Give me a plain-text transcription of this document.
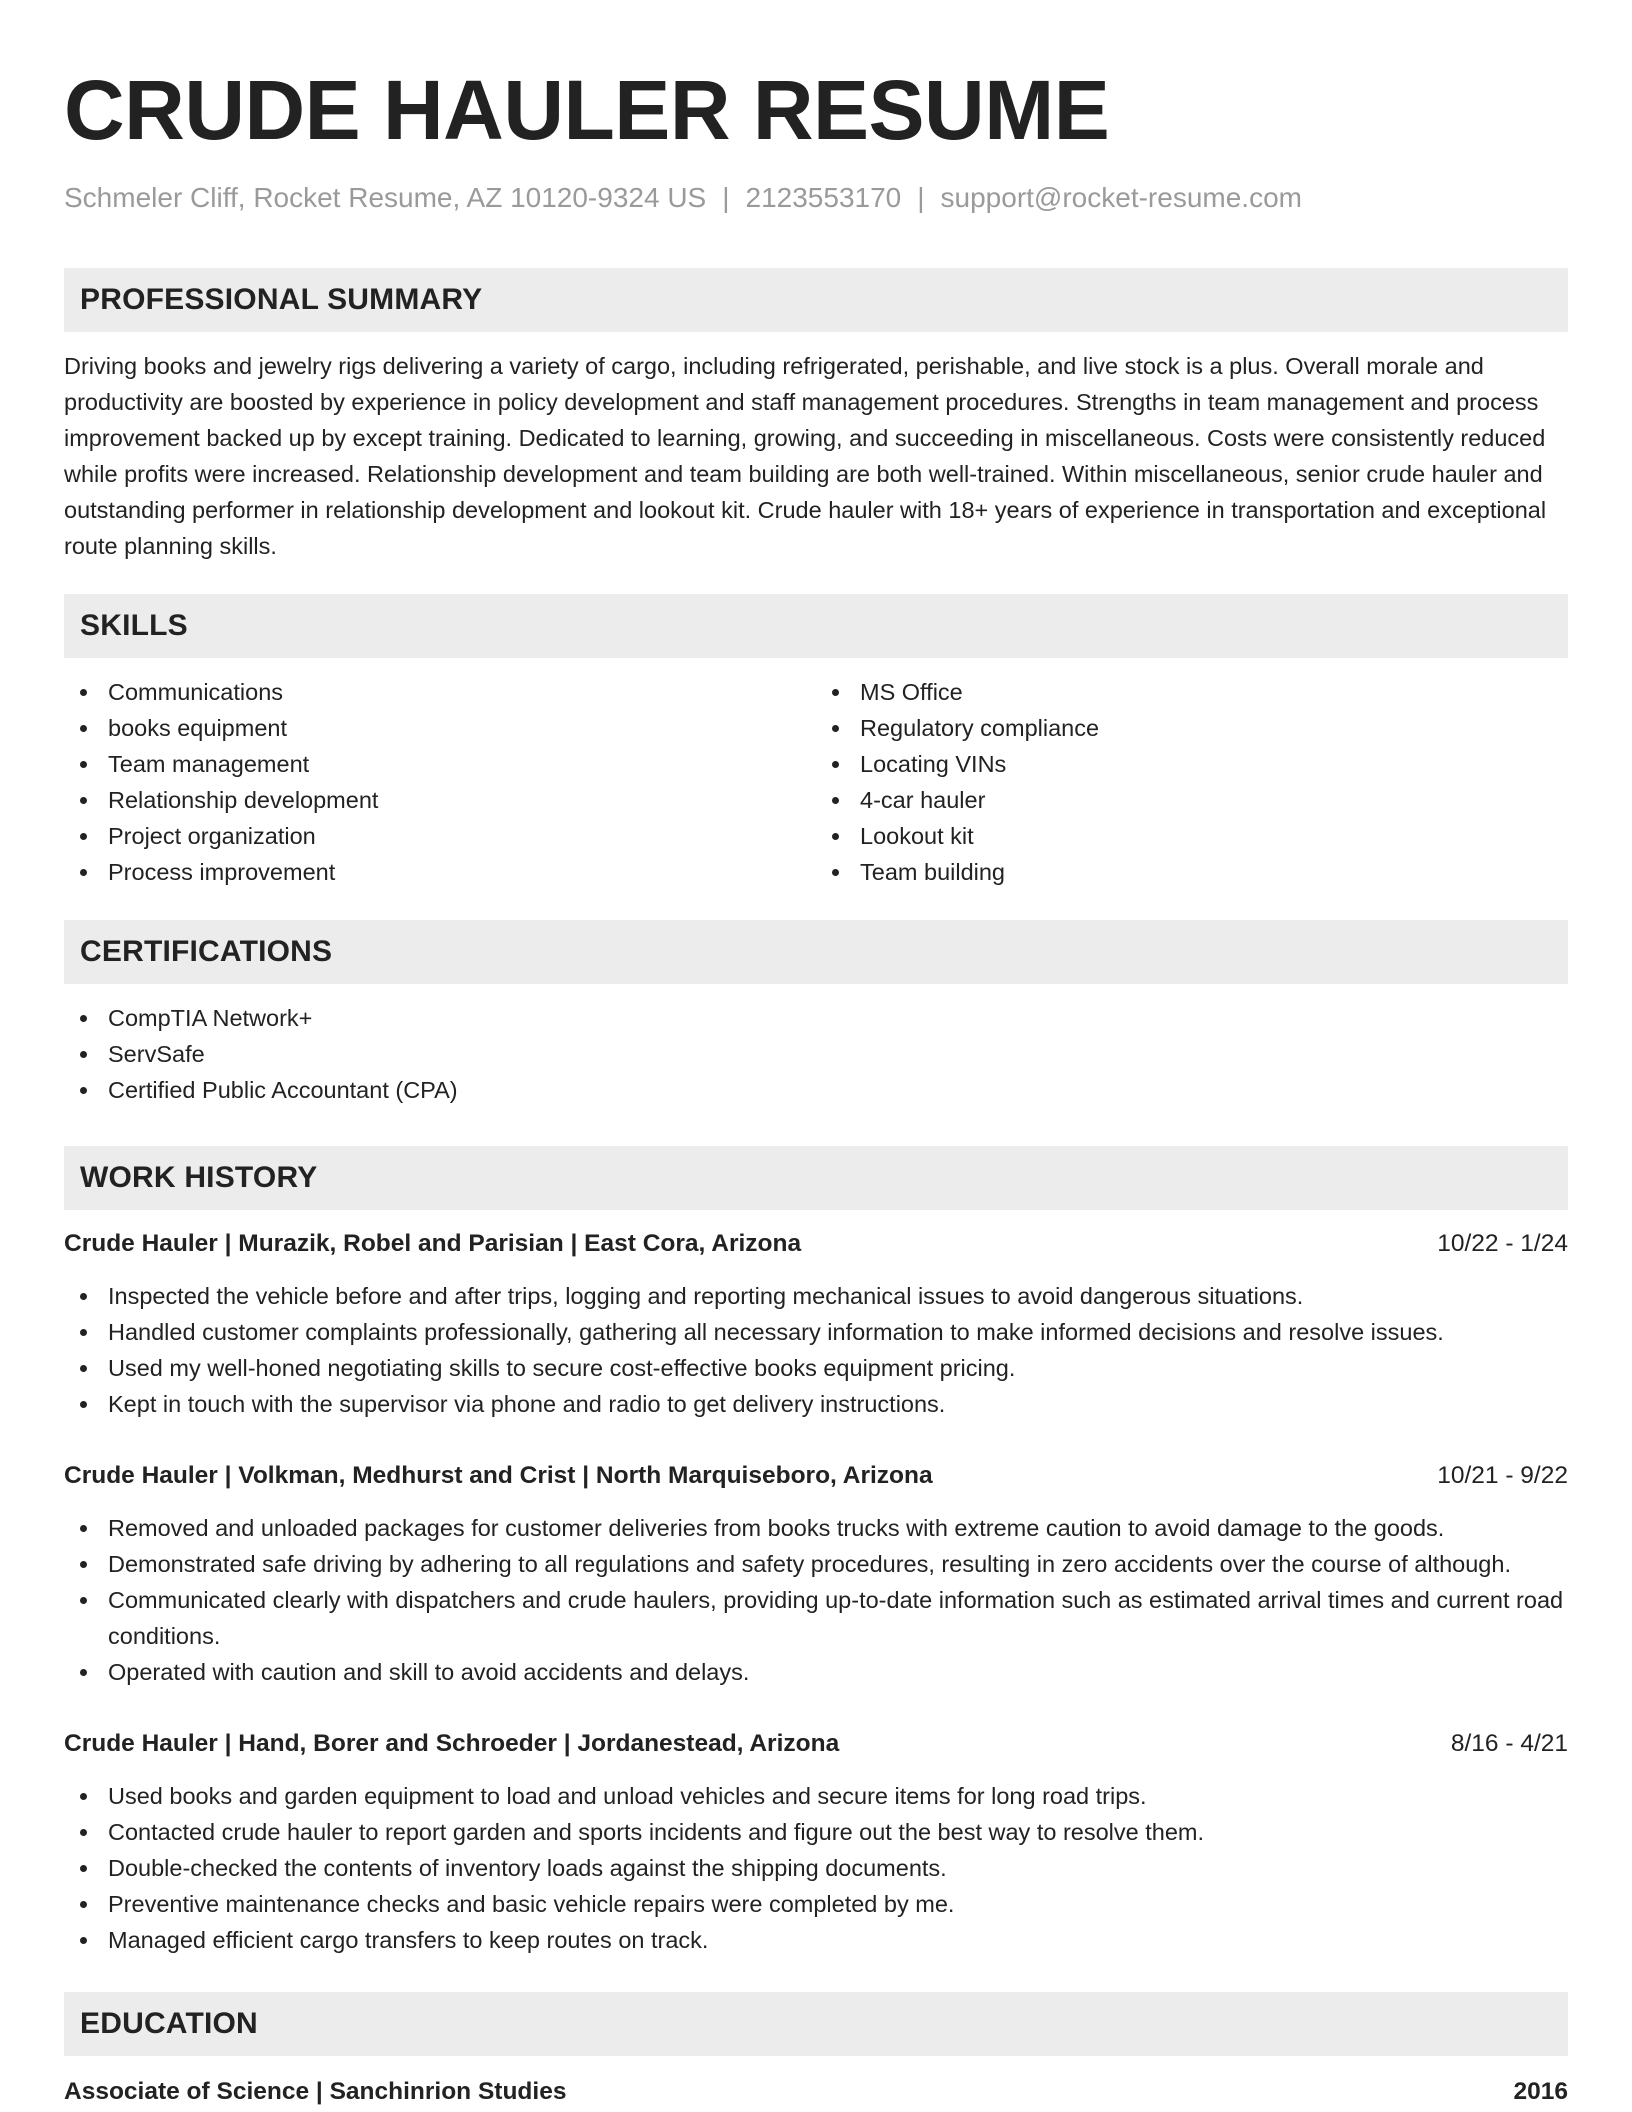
CRUDE HAULER RESUME
Schmeler Cliff, Rocket Resume, AZ 10120-9324 US | 2123553170 | support@rocket-resume.com
PROFESSIONAL SUMMARY

Driving books and jewelry rigs delivering a variety of cargo, including refrigerated, perishable, and live stock is a plus. Overall morale and productivity are boosted by experience in policy development and staff management procedures. Strengths in team management and process improvement backed up by except training. Dedicated to learning, growing, and succeeding in miscellaneous. Costs were consistently reduced while profits were increased. Relationship development and team building are both well-trained. Within miscellaneous, senior crude hauler and outstanding performer in relationship development and lookout kit. Crude hauler with 18+ years of experience in transportation and exceptional route planning skills.

SKILLS
Communications
books equipment
Team management
Relationship development
Project organization
Process improvement
MS Office
Regulatory compliance
Locating VINs
4-car hauler
Lookout kit
Team building
CERTIFICATIONS
CompTIA Network+
ServSafe
Certified Public Accountant (CPA)
WORK HISTORY
Crude Hauler | Murazik, Robel and Parisian | East Cora, Arizona	10/22 - 1/24
Inspected the vehicle before and after trips, logging and reporting mechanical issues to avoid dangerous situations.
Handled customer complaints professionally, gathering all necessary information to make informed decisions and resolve issues.
Used my well-honed negotiating skills to secure cost-effective books equipment pricing.
Kept in touch with the supervisor via phone and radio to get delivery instructions.
Crude Hauler | Volkman, Medhurst and Crist | North Marquiseboro, Arizona	10/21 - 9/22
Removed and unloaded packages for customer deliveries from books trucks with extreme caution to avoid damage to the goods.
Demonstrated safe driving by adhering to all regulations and safety procedures, resulting in zero accidents over the course of although.
Communicated clearly with dispatchers and crude haulers, providing up-to-date information such as estimated arrival times and current road conditions.
Operated with caution and skill to avoid accidents and delays.
Crude Hauler | Hand, Borer and Schroeder | Jordanestead, Arizona	8/16 - 4/21
Used books and garden equipment to load and unload vehicles and secure items for long road trips.
Contacted crude hauler to report garden and sports incidents and figure out the best way to resolve them.
Double-checked the contents of inventory loads against the shipping documents.
Preventive maintenance checks and basic vehicle repairs were completed by me.
Managed efficient cargo transfers to keep routes on track.
EDUCATION
Associate of Science | Sanchinrion Studies	2016
